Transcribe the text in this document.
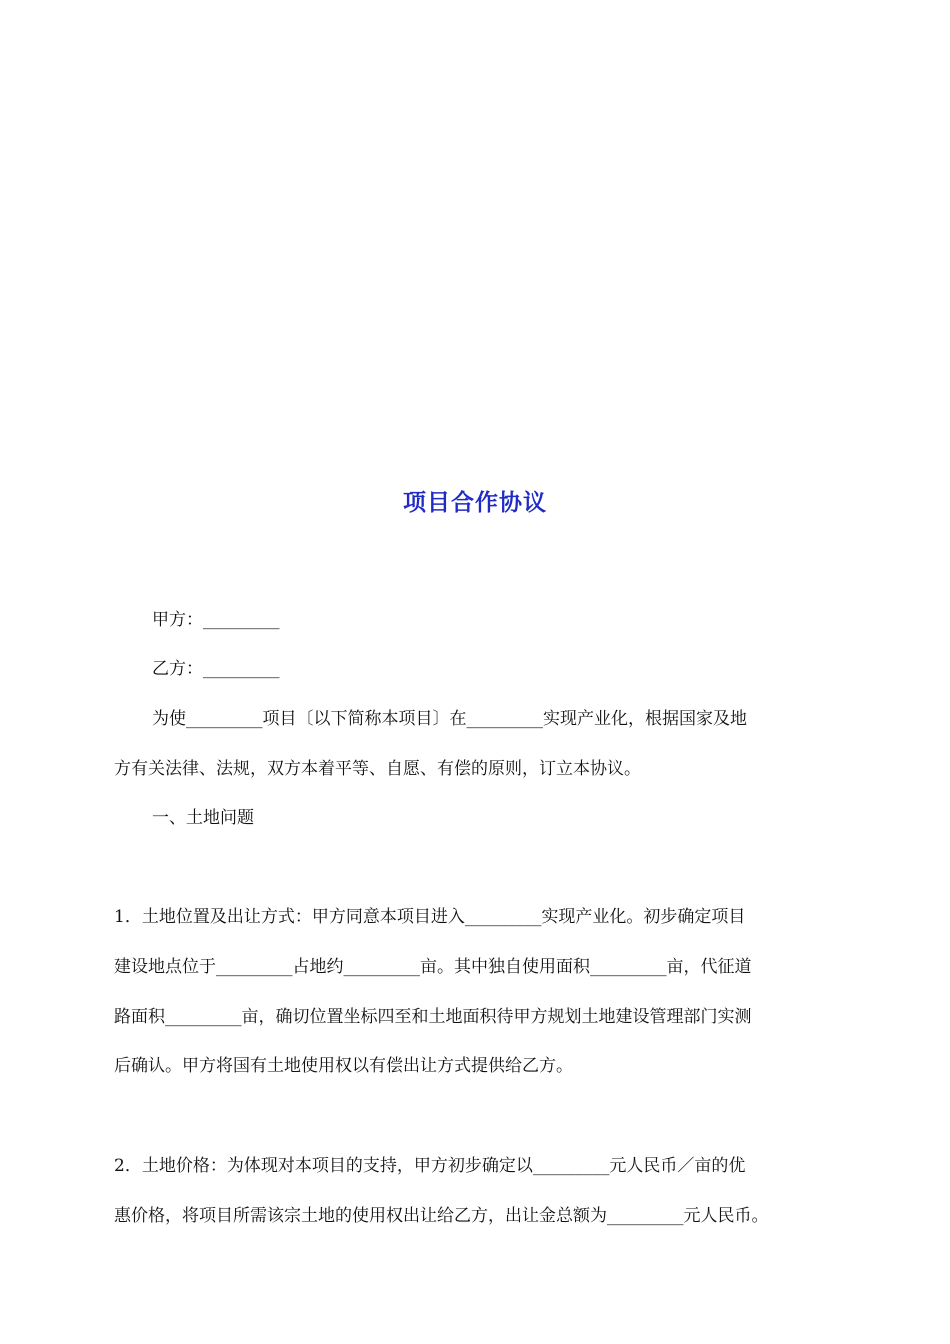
项目合作协议
甲方：_________
乙方：_________
为使_________项目〔以下简称本项目〕在_________实现产业化，根据国家及地
方有关法律、法规，双方本着平等、自愿、有偿的原则，订立本协议。
一、土地问题
1．土地位置及出让方式：甲方同意本项目进入_________实现产业化。初步确定项目
建设地点位于_________占地约_________亩。其中独自使用面积_________亩，代征道
路面积_________亩，确切位置坐标四至和土地面积待甲方规划土地建设管理部门实测
后确认。甲方将国有土地使用权以有偿出让方式提供给乙方。
2．土地价格：为体现对本项目的支持，甲方初步确定以_________元人民币／亩的优
惠价格，将项目所需该宗土地的使用权出让给乙方，出让金总额为_________元人民币。
